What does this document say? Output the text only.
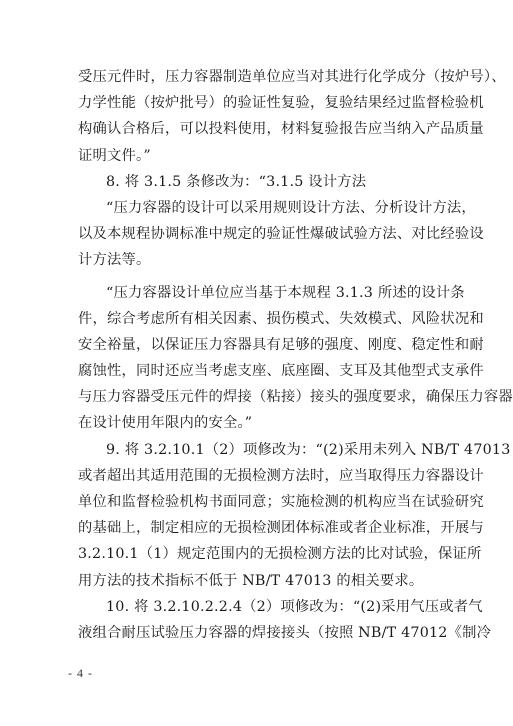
受压元件时，压力容器制造单位应当对其进行化学成分（按炉号）、
力学性能（按炉批号）的验证性复验，复验结果经过监督检验机
构确认合格后，可以投料使用，材料复验报告应当纳入产品质量
证明文件。”
8. 将 3.1.5 条修改为：“3.1.5 设计方法
“压力容器的设计可以采用规则设计方法、分析设计方法，
以及本规程协调标准中规定的验证性爆破试验方法、对比经验设
计方法等。
“压力容器设计单位应当基于本规程 3.1.3 所述的设计条
件，综合考虑所有相关因素、损伤模式、失效模式、风险状况和
安全裕量，以保证压力容器具有足够的强度、刚度、稳定性和耐
腐蚀性，同时还应当考虑支座、底座圈、支耳及其他型式支承件
与压力容器受压元件的焊接（粘接）接头的强度要求，确保压力容器
在设计使用年限内的安全。”
9. 将 3.2.10.1（2）项修改为：“(2)采用未列入 NB/T 47013
或者超出其适用范围的无损检测方法时，应当取得压力容器设计
单位和监督检验机构书面同意；实施检测的机构应当在试验研究
的基础上，制定相应的无损检测团体标准或者企业标准，开展与
3.2.10.1（1）规定范围内的无损检测方法的比对试验，保证所
用方法的技术指标不低于 NB/T 47013 的相关要求。
10. 将 3.2.10.2.2.4（2）项修改为：“(2)采用气压或者气
液组合耐压试验压力容器的焊接接头（按照 NB/T 47012《制冷
- 4 -
